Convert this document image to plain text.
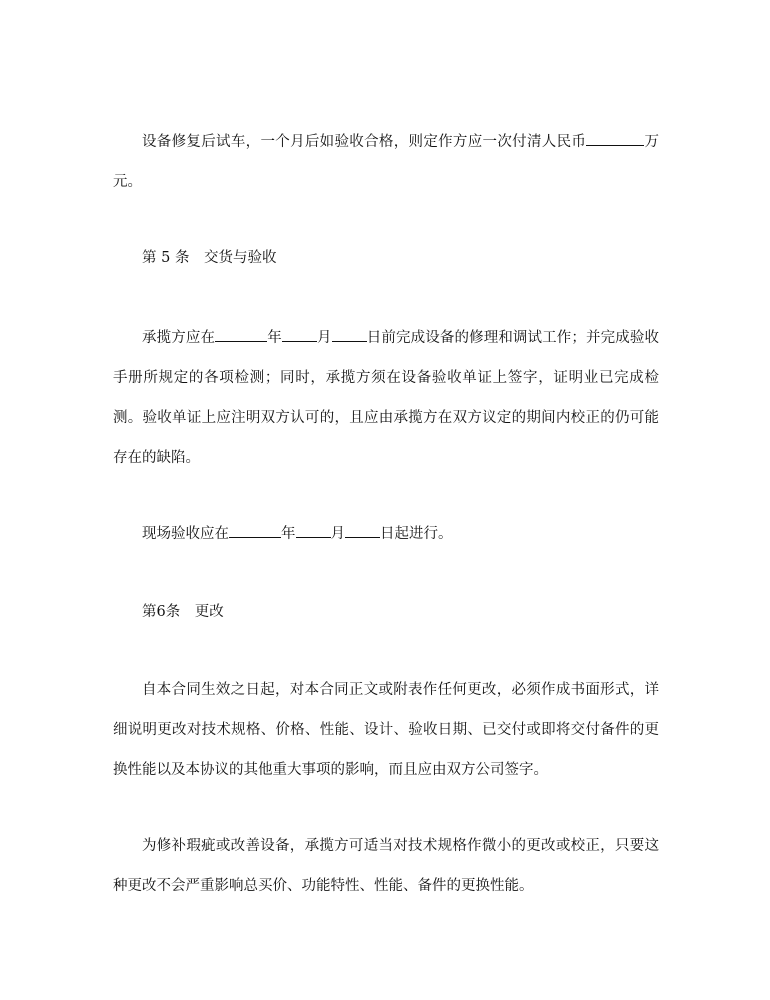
设备修复后试车，一个月后如验收合格，则定作方应一次付清人民币	万元。

第 5 条　交货与验收

承揽方应在	年 月 日前完成设备的修理和调试工作；并完成验收手册所规定的各项检测；同时，承揽方须在设备验收单证上签字，证明业已完成检测。验收单证上应注明双方认可的，且应由承揽方在双方议定的期间内校正的仍可能存在的缺陷。

现场验收应在	年 月 日起进行。

第6条　更改

自本合同生效之日起，对本合同正文或附表作任何更改，必须作成书面形式，详细说明更改对技术规格、价格、性能、设计、验收日期、已交付或即将交付备件的更换性能以及本协议的其他重大事项的影响，而且应由双方公司签字。

为修补瑕疵或改善设备，承揽方可适当对技术规格作微小的更改或校正，只要这种更改不会严重影响总买价、功能特性、性能、备件的更换性能。
